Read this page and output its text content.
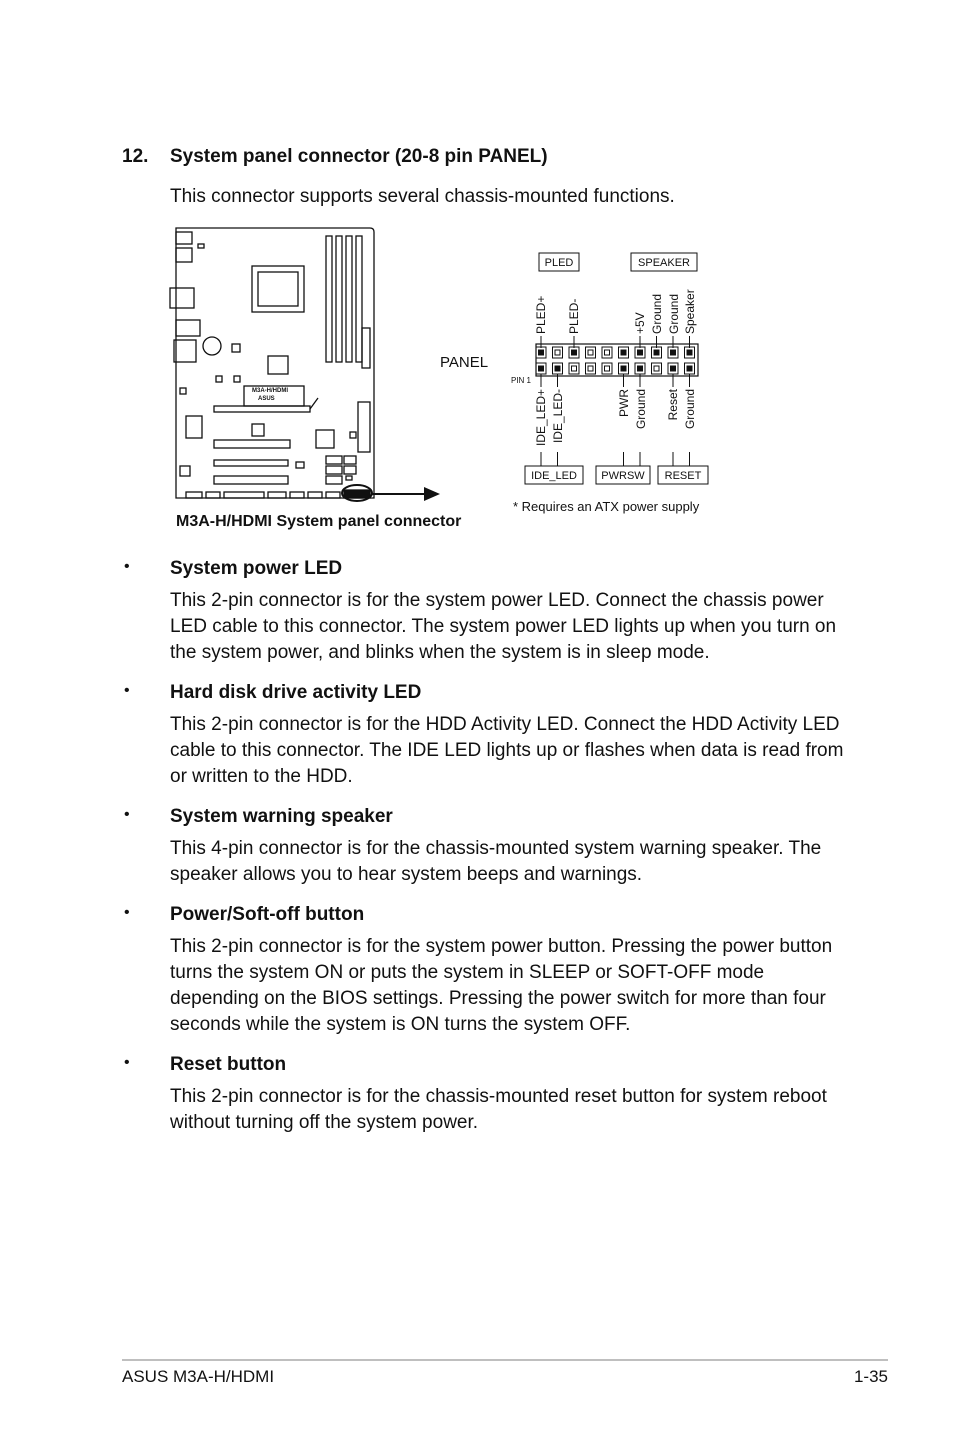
12. System panel connector (20-8 pin PANEL)
This connector supports several chassis-mounted functions.
M3A-H/HDMI
ASUS
PANEL
PIN 1
PLED	SPEAKER
IDE_LED PWRSW RESET
PLED+ PLED-	+5V Ground Ground Speaker
IDE_LED+ IDE_LED-	PWR Ground Reset Ground
* Requires an ATX power supply
M3A-H/HDMI System panel connector
• System power LED
This 2-pin connector is for the system power LED. Connect the chassis power LED cable to this connector. The system power LED lights up when you turn on the system power, and blinks when the system is in sleep mode.
• Hard disk drive activity LED
This 2-pin connector is for the HDD Activity LED. Connect the HDD Activity LED cable to this connector. The IDE LED lights up or flashes when data is read from or written to the HDD.
• System warning speaker
This 4-pin connector is for the chassis-mounted system warning speaker. The speaker allows you to hear system beeps and warnings.
• Power/Soft-off button
This 2-pin connector is for the system power button. Pressing the power button turns the system ON or puts the system in SLEEP or SOFT-OFF mode depending on the BIOS settings. Pressing the power switch for more than four seconds while the system is ON turns the system OFF.
• Reset button
This 2-pin connector is for the chassis-mounted reset button for system reboot without turning off the system power.
ASUS M3A-H/HDMI	1-35
